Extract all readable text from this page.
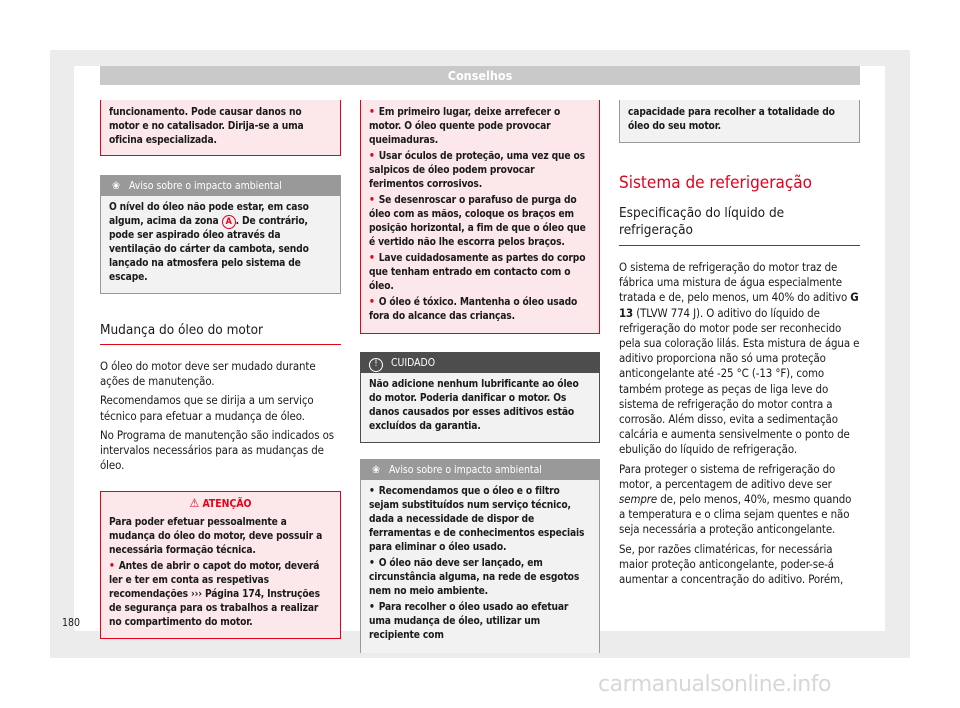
Conselhos

funcionamento. Pode causar danos no motor e no catalisador. Dirija-se a uma oficina especializada.

❀ Aviso sobre o impacto ambiental

O nível do óleo não pode estar, em caso algum, acima da zona A . De contrário, pode ser aspirado óleo através da ventilação do cárter da cambota, sendo lançado na atmosfera pelo sistema de escape.

Mudança do óleo do motor

O óleo do motor deve ser mudado durante ações de manutenção.

Recomendamos que se dirija a um serviço técnico para efetuar a mudança de óleo.

No Programa de manutenção são indicados os intervalos necessários para as mudanças de óleo.

⚠ ATENÇÃO

Para poder efetuar pessoalmente a mudança do óleo do motor, deve possuir a necessária formação técnica.

• Antes de abrir o capot do motor, deverá ler e ter em conta as respetivas recomendações ››› Página 174, Instruções de segurança para os trabalhos a realizar no compartimento do motor.

• Em primeiro lugar, deixe arrefecer o motor. O óleo quente pode provocar queimaduras.
• Usar óculos de proteção, uma vez que os salpicos de óleo podem provocar ferimentos corrosivos.
• Se desenroscar o parafuso de purga do óleo com as mãos, coloque os braços em posição horizontal, a fim de que o óleo que é vertido não lhe escorra pelos braços.
• Lave cuidadosamente as partes do corpo que tenham entrado em contacto com o óleo.
• O óleo é tóxico. Mantenha o óleo usado fora do alcance das crianças.
! CUIDADO

Não adicione nenhum lubrificante ao óleo do motor. Poderia danificar o motor. Os danos causados por esses aditivos estão excluídos da garantia.

❀ Aviso sobre o impacto ambiental
• Recomendamos que o óleo e o filtro sejam substituídos num serviço técnico, dada a necessidade de dispor de ferramentas e de conhecimentos especiais para eliminar o óleo usado.
• O óleo não deve ser lançado, em circunstância alguma, na rede de esgotos nem no meio ambiente.
• Para recolher o óleo usado ao efetuar uma mudança de óleo, utilizar um recipiente com

capacidade para recolher a totalidade do óleo do seu motor.

Sistema de referigeração

Especificação do líquido de refrigeração

O sistema de refrigeração do motor traz de fábrica uma mistura de água especialmente tratada e de, pelo menos, um 40% do aditivo G 13 (TLVW 774 J). O aditivo do líquido de refrigeração do motor pode ser reconhecido pela sua coloração lilás. Esta mistura de água e aditivo proporciona não só uma proteção anticongelante até -25 °C (-13 °F), como também protege as peças de liga leve do sistema de refrigeração do motor contra a corrosão. Além disso, evita a sedimentação calcária e aumenta sensivelmente o ponto de ebulição do líquido de refrigeração.

Para proteger o sistema de refrigeração do motor, a percentagem de aditivo deve ser sempre de, pelo menos, 40%, mesmo quando a temperatura e o clima sejam quentes e não seja necessária a proteção anticongelante.

Se, por razões climatéricas, for necessária maior proteção anticongelante, poder-se-á aumentar a concentração do aditivo. Porém,

180
carmanualsonline.info
